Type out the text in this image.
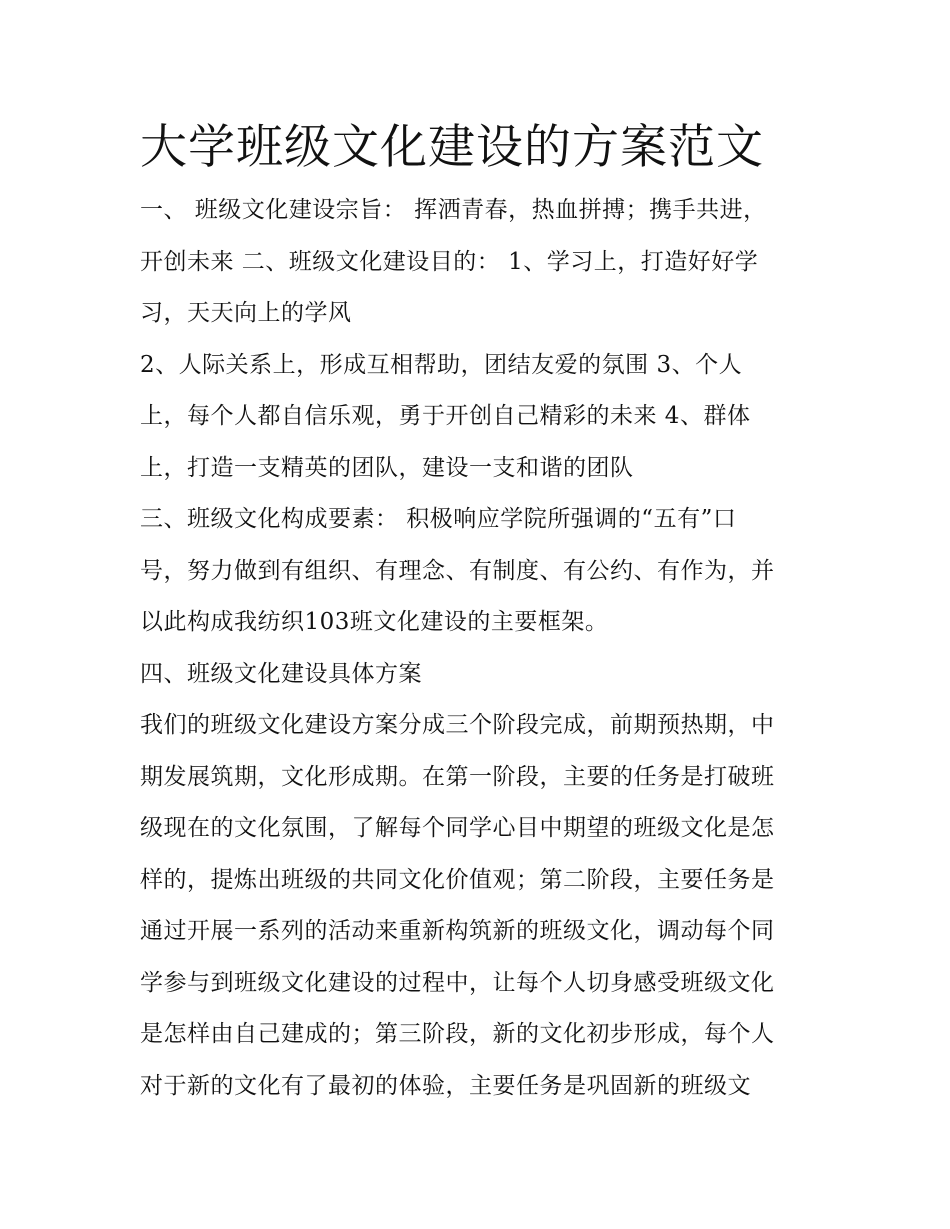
大学班级文化建设的方案范文
一、 班级文化建设宗旨： 挥洒青春，热血拼搏；携手共进，
开创未来 二、班级文化建设目的： 1、学习上，打造好好学
习，天天向上的学风
2、人际关系上，形成互相帮助，团结友爱的氛围 3、个人
上，每个人都自信乐观，勇于开创自己精彩的未来 4、群体
上，打造一支精英的团队，建设一支和谐的团队
三、班级文化构成要素： 积极响应学院所强调的“五有”口
号，努力做到有组织、有理念、有制度、有公约、有作为，并
以此构成我纺织103班文化建设的主要框架。
四、班级文化建设具体方案
我们的班级文化建设方案分成三个阶段完成，前期预热期，中
期发展筑期，文化形成期。在第一阶段，主要的任务是打破班
级现在的文化氛围，了解每个同学心目中期望的班级文化是怎
样的，提炼出班级的共同文化价值观；第二阶段，主要任务是
通过开展一系列的活动来重新构筑新的班级文化，调动每个同
学参与到班级文化建设的过程中，让每个人切身感受班级文化
是怎样由自己建成的；第三阶段，新的文化初步形成，每个人
对于新的文化有了最初的体验，主要任务是巩固新的班级文
